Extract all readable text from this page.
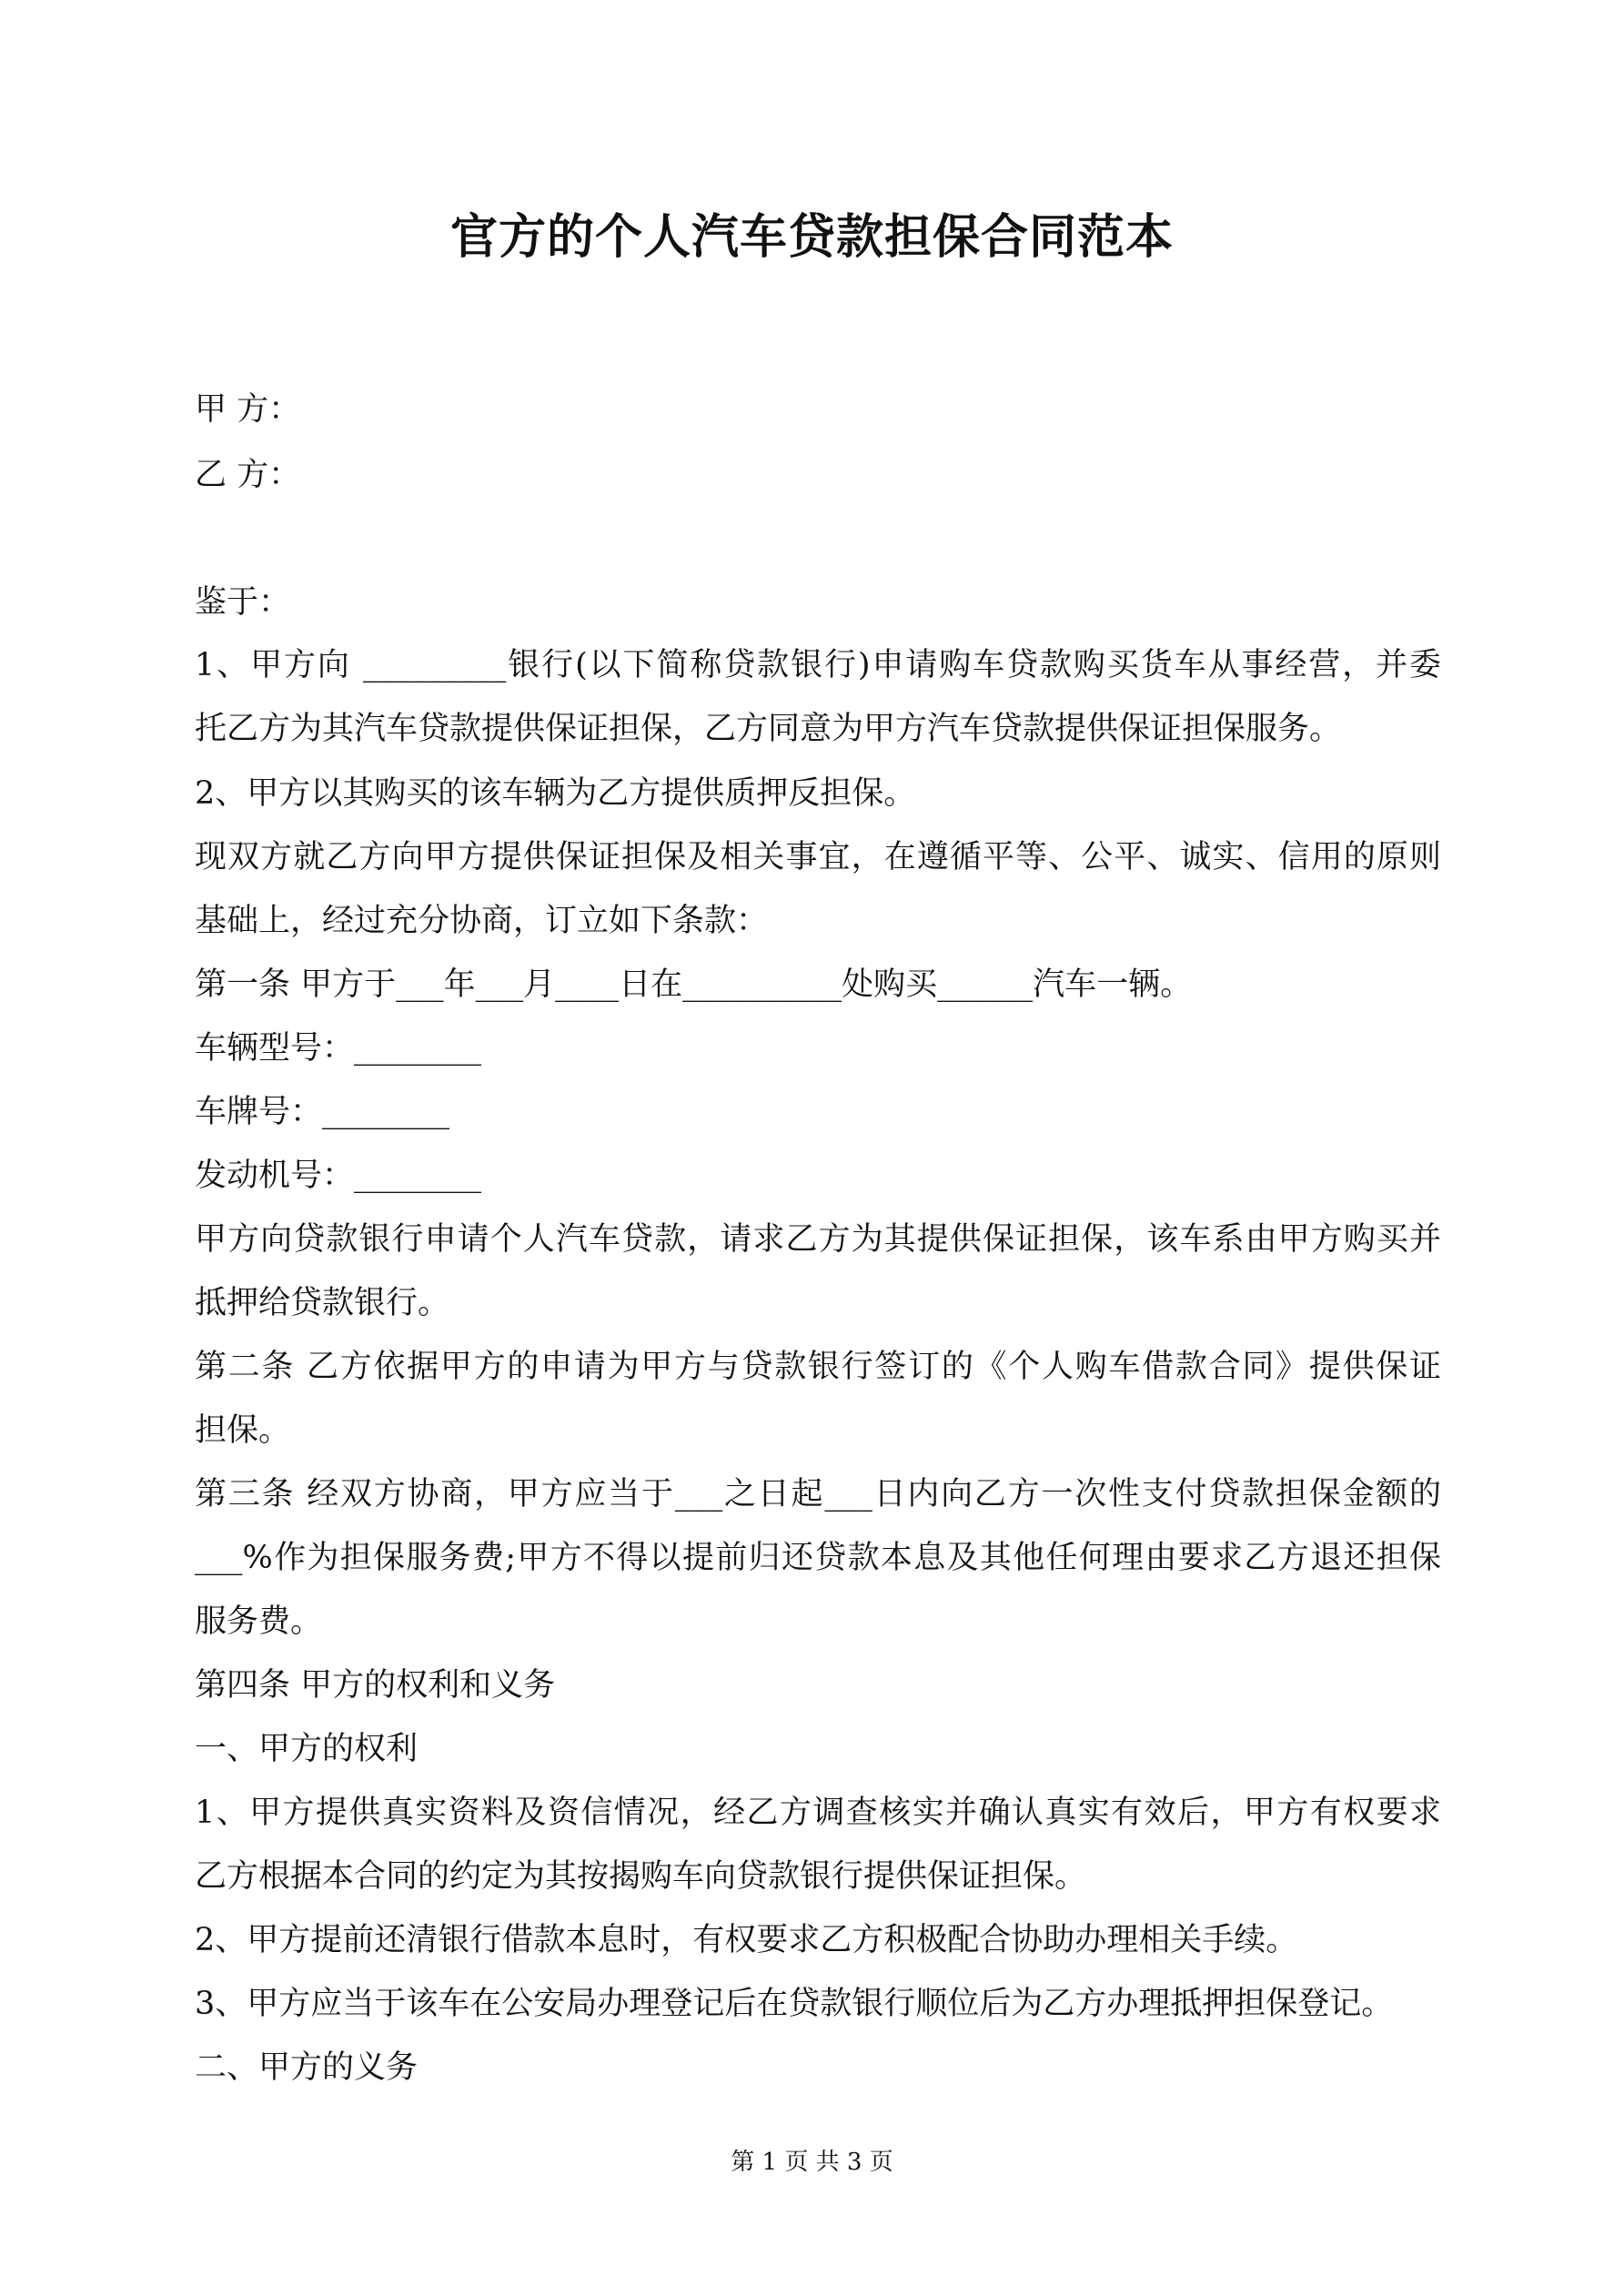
官方的个人汽车贷款担保合同范本

甲 方：

乙 方：

鉴于：

1、甲方向 _________银行(以下简称贷款银行)申请购车贷款购买货车从事经营，并委

托乙方为其汽车贷款提供保证担保，乙方同意为甲方汽车贷款提供保证担保服务。

2、甲方以其购买的该车辆为乙方提供质押反担保。

现双方就乙方向甲方提供保证担保及相关事宜，在遵循平等、公平、诚实、信用的原则

基础上，经过充分协商，订立如下条款：

第一条 甲方于___年___月____日在__________处购买______汽车一辆。

车辆型号：________

车牌号：________

发动机号：________

甲方向贷款银行申请个人汽车贷款，请求乙方为其提供保证担保，该车系由甲方购买并

抵押给贷款银行。

第二条 乙方依据甲方的申请为甲方与贷款银行签订的《个人购车借款合同》提供保证

担保。

第三条 经双方协商，甲方应当于___之日起___日内向乙方一次性支付贷款担保金额的

___%作为担保服务费;甲方不得以提前归还贷款本息及其他任何理由要求乙方退还担保

服务费。

第四条 甲方的权利和义务

一、甲方的权利

1、甲方提供真实资料及资信情况，经乙方调查核实并确认真实有效后，甲方有权要求

乙方根据本合同的约定为其按揭购车向贷款银行提供保证担保。

2、甲方提前还清银行借款本息时，有权要求乙方积极配合协助办理相关手续。

3、甲方应当于该车在公安局办理登记后在贷款银行顺位后为乙方办理抵押担保登记。

二、甲方的义务

第 1 页 共 3 页
